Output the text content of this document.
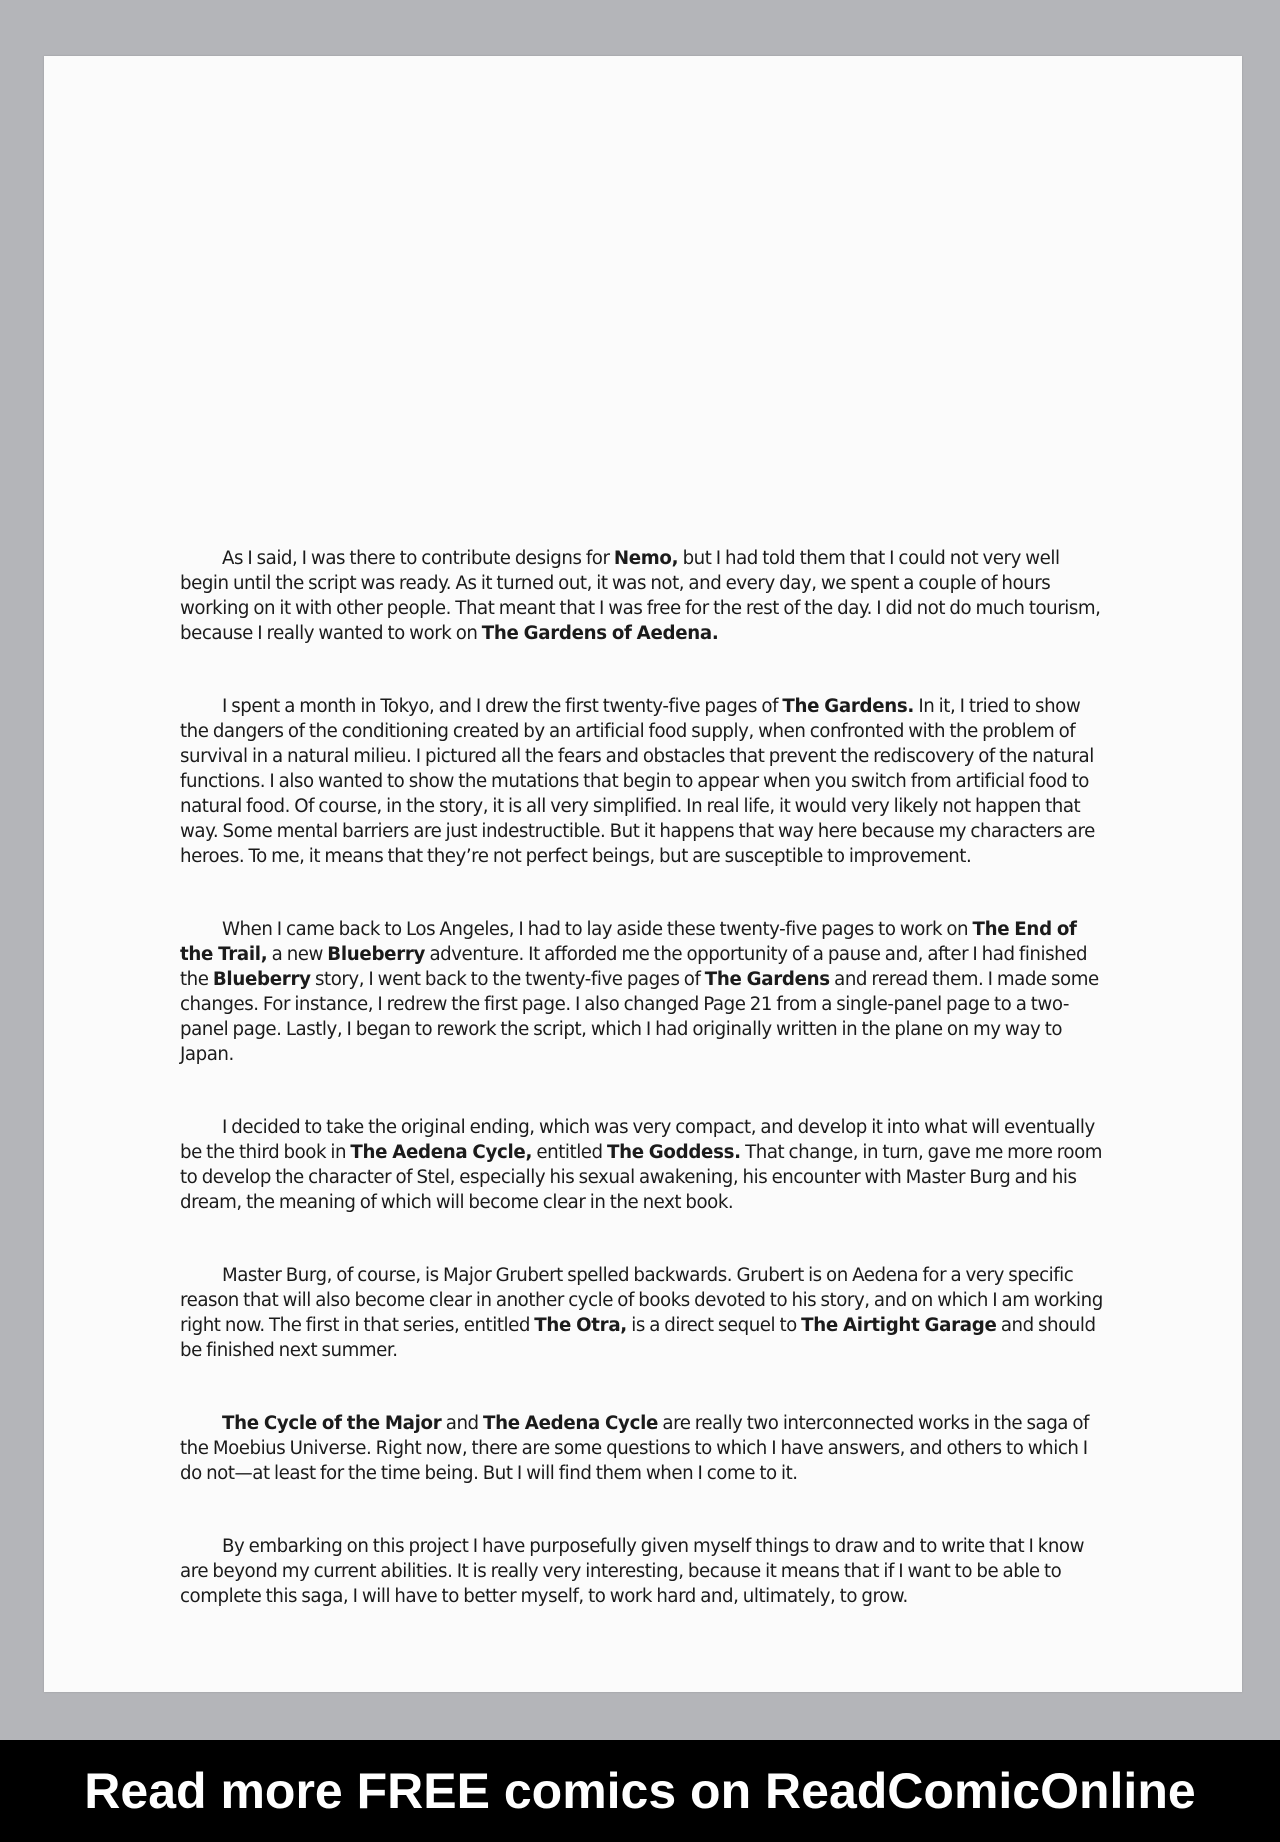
As I said, I was there to contribute designs for Nemo, but I had told them that I could not very well begin until the script was ready. As it turned out, it was not, and every day, we spent a couple of hours working on it with other people. That meant that I was free for the rest of the day. I did not do much tourism, because I really wanted to work on The Gardens of Aedena.

I spent a month in Tokyo, and I drew the first twenty-five pages of The Gardens. In it, I tried to show the dangers of the conditioning created by an artificial food supply, when confronted with the problem of survival in a natural milieu. I pictured all the fears and obstacles that prevent the rediscovery of the natural functions. I also wanted to show the mutations that begin to appear when you switch from artificial food to natural food. Of course, in the story, it is all very simplified. In real life, it would very likely not happen that way. Some mental barriers are just indestructible. But it happens that way here because my characters are heroes. To me, it means that they’re not perfect beings, but are susceptible to improvement.

When I came back to Los Angeles, I had to lay aside these twenty-five pages to work on The End of the Trail, a new Blueberry adventure. It afforded me the opportunity of a pause and, after I had finished the Blueberry story, I went back to the twenty-five pages of The Gardens and reread them. I made some changes. For instance, I redrew the first page. I also changed Page 21 from a single-panel page to a two-panel page. Lastly, I began to rework the script, which I had originally written in the plane on my way to Japan.

I decided to take the original ending, which was very compact, and develop it into what will eventually be the third book in The Aedena Cycle, entitled The Goddess. That change, in turn, gave me more room to develop the character of Stel, especially his sexual awakening, his encounter with Master Burg and his dream, the meaning of which will become clear in the next book.

Master Burg, of course, is Major Grubert spelled backwards. Grubert is on Aedena for a very specific reason that will also become clear in another cycle of books devoted to his story, and on which I am working right now. The first in that series, entitled The Otra, is a direct sequel to The Airtight Garage and should be finished next summer.

The Cycle of the Major and The Aedena Cycle are really two interconnected works in the saga of the Moebius Universe. Right now, there are some questions to which I have answers, and others to which I do not—at least for the time being. But I will find them when I come to it.

By embarking on this project I have purposefully given myself things to draw and to write that I know are beyond my current abilities. It is really very interesting, because it means that if I want to be able to complete this saga, I will have to better myself, to work hard and, ultimately, to grow.

Read more FREE comics on ReadComicOnline
